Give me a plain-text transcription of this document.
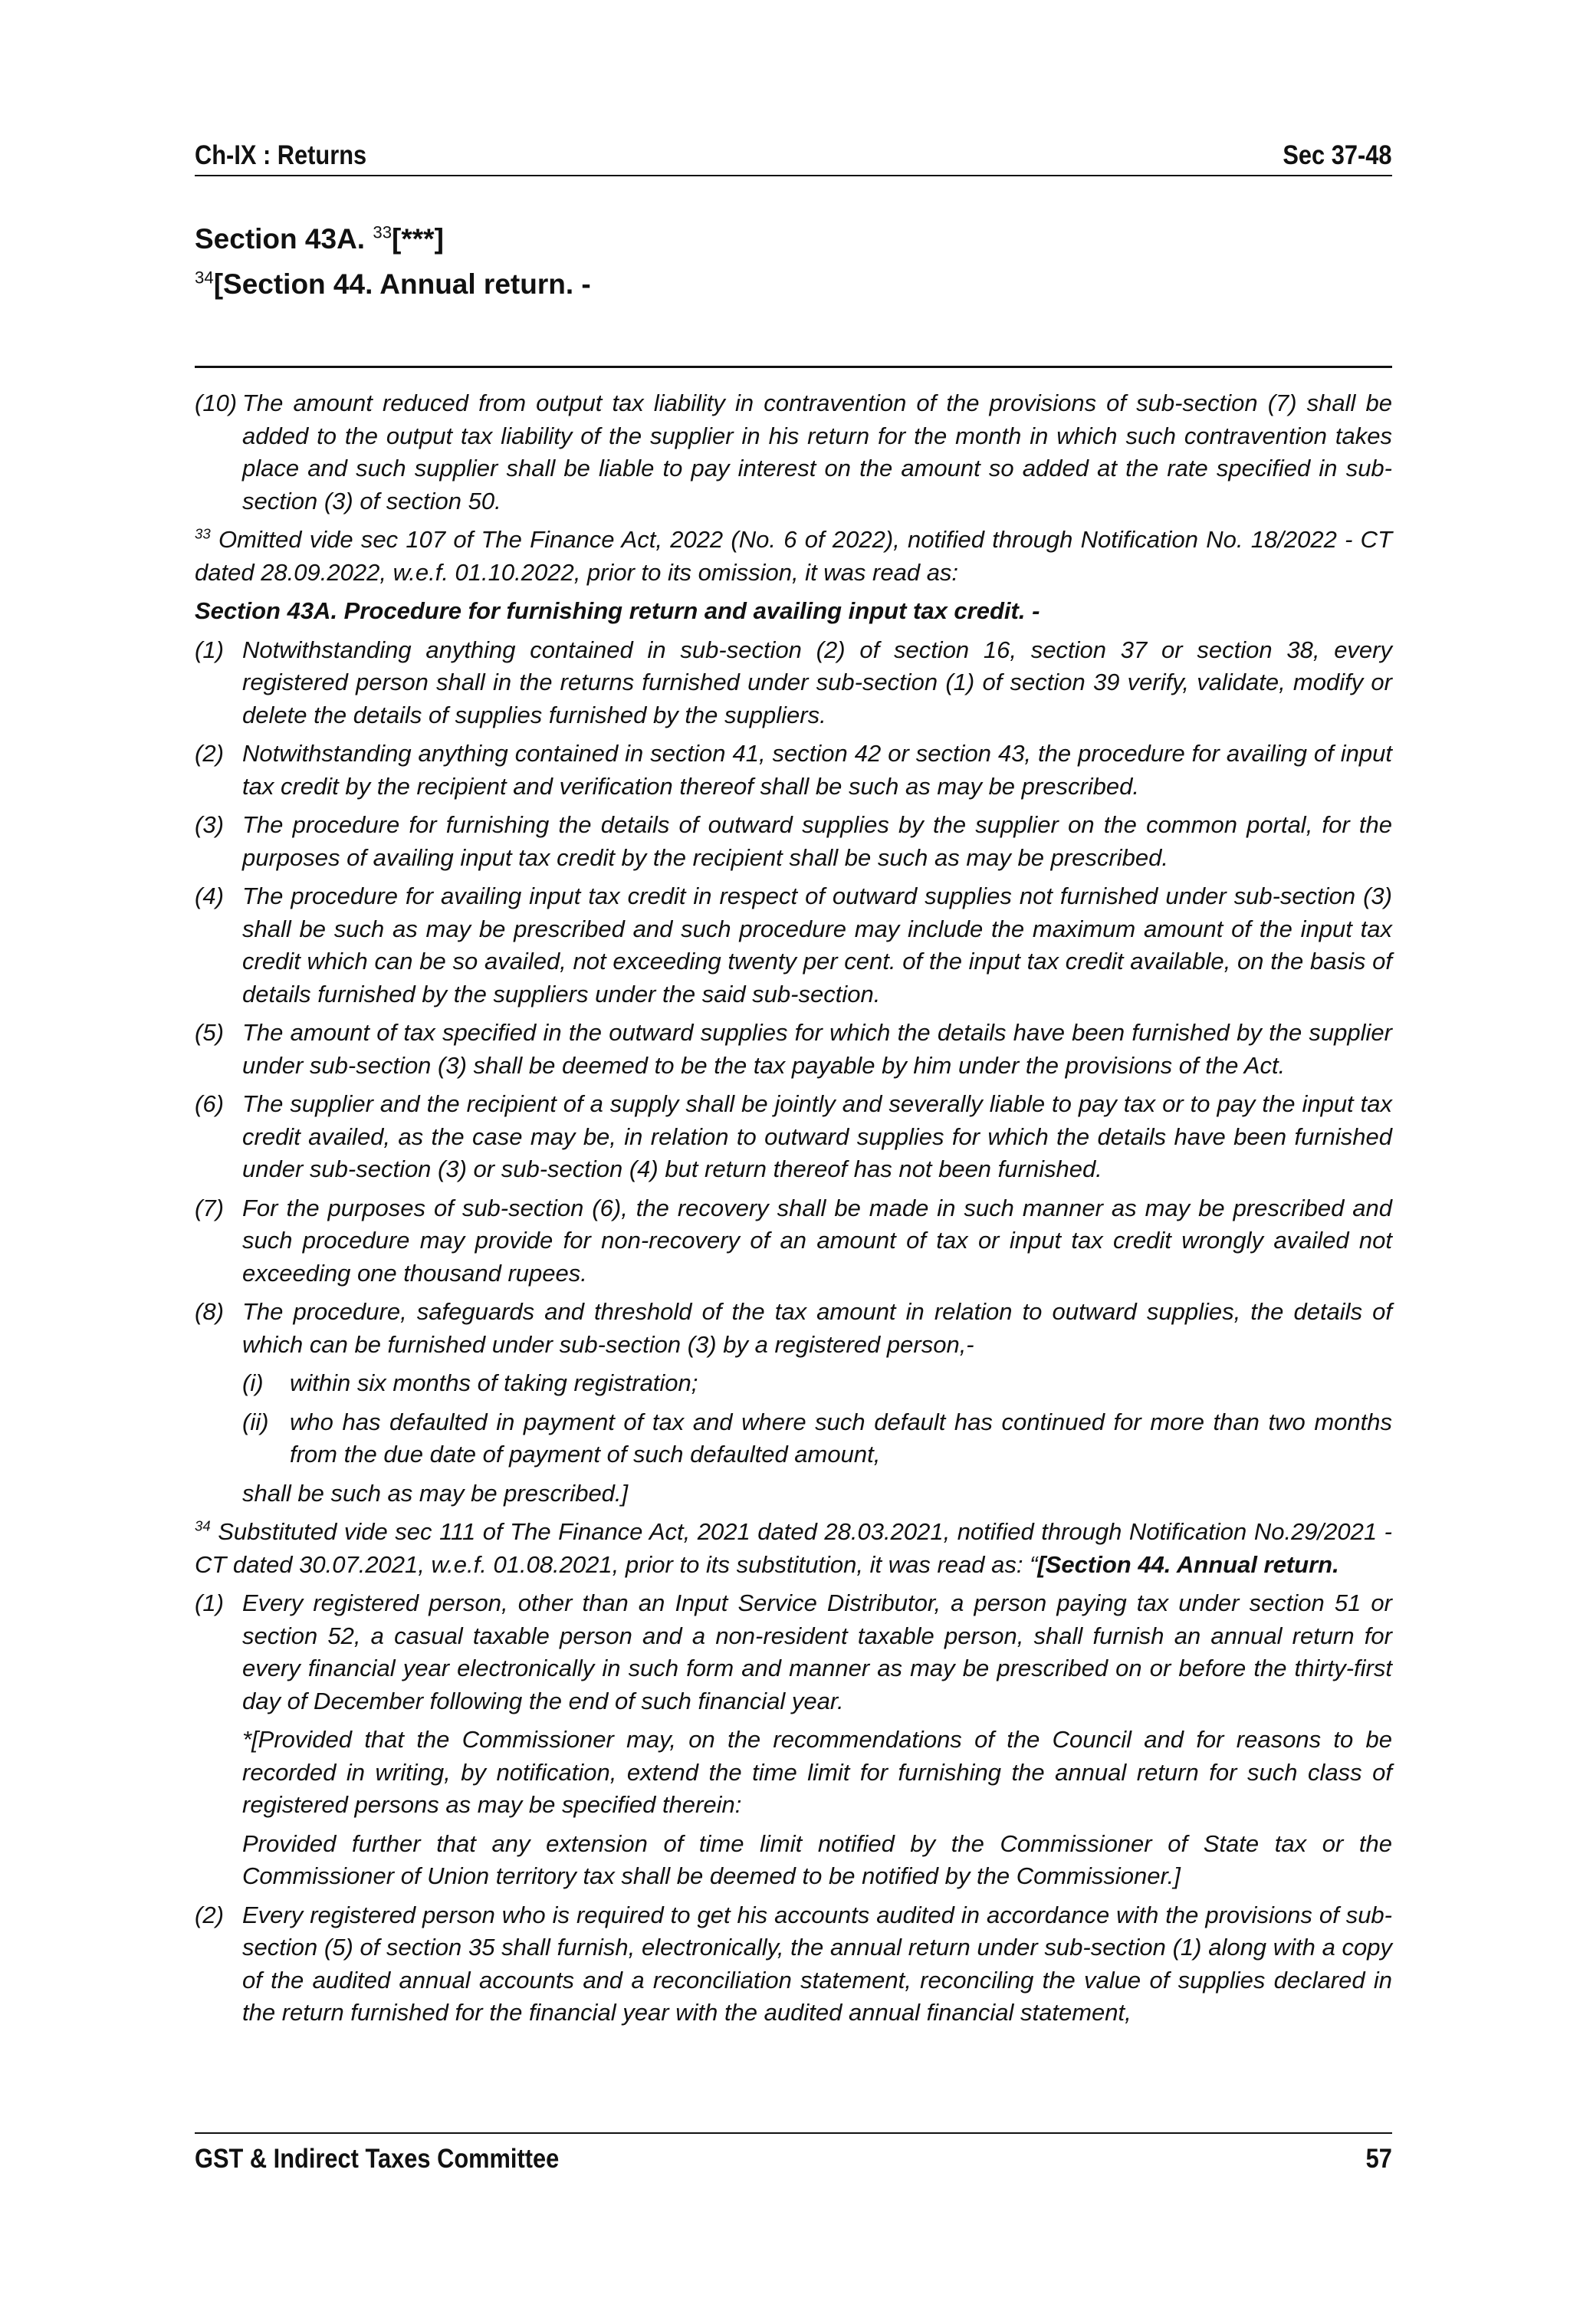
Ch-IX : Returns	Sec 37-48
Section 43A. $^{33}$[***]
$^{34}$[Section 44. Annual return. -
(10) The amount reduced from output tax liability in contravention of the provisions of sub-section (7) shall be added to the output tax liability of the supplier in his return for the month in which such contravention takes place and such supplier shall be liable to pay interest on the amount so added at the rate specified in sub-section (3) of section 50.

$^{33}$ Omitted vide sec 107 of The Finance Act, 2022 (No. 6 of 2022), notified through Notification No. 18/2022 - CT dated 28.09.2022, w.e.f. 01.10.2022, prior to its omission, it was read as:

Section 43A. Procedure for furnishing return and availing input tax credit. -

(1) Notwithstanding anything contained in sub-section (2) of section 16, section 37 or section 38, every registered person shall in the returns furnished under sub-section (1) of section 39 verify, validate, modify or delete the details of supplies furnished by the suppliers.
(2) Notwithstanding anything contained in section 41, section 42 or section 43, the procedure for availing of input tax credit by the recipient and verification thereof shall be such as may be prescribed.
(3) The procedure for furnishing the details of outward supplies by the supplier on the common portal, for the purposes of availing input tax credit by the recipient shall be such as may be prescribed.
(4) The procedure for availing input tax credit in respect of outward supplies not furnished under sub-section (3) shall be such as may be prescribed and such procedure may include the maximum amount of the input tax credit which can be so availed, not exceeding twenty per cent. of the input tax credit available, on the basis of details furnished by the suppliers under the said sub-section.
(5) The amount of tax specified in the outward supplies for which the details have been furnished by the supplier under sub-section (3) shall be deemed to be the tax payable by him under the provisions of the Act.
(6) The supplier and the recipient of a supply shall be jointly and severally liable to pay tax or to pay the input tax credit availed, as the case may be, in relation to outward supplies for which the details have been furnished under sub-section (3) or sub-section (4) but return thereof has not been furnished.
(7) For the purposes of sub-section (6), the recovery shall be made in such manner as may be prescribed and such procedure may provide for non-recovery of an amount of tax or input tax credit wrongly availed not exceeding one thousand rupees.
(8) The procedure, safeguards and threshold of the tax amount in relation to outward supplies, the details of which can be furnished under sub-section (3) by a registered person,-
(i)	within six months of taking registration;
(ii) who has defaulted in payment of tax and where such default has continued for more than two months from the due date of payment of such defaulted amount,
shall be such as may be prescribed.]

$^{34}$ Substituted vide sec 111 of The Finance Act, 2021 dated 28.03.2021, notified through Notification No.29/2021 - CT dated 30.07.2021, w.e.f. 01.08.2021, prior to its substitution, it was read as: “[Section 44. Annual return.

(1) Every registered person, other than an Input Service Distributor, a person paying tax under section 51 or section 52, a casual taxable person and a non-resident taxable person, shall furnish an annual return for every financial year electronically in such form and manner as may be prescribed on or before the thirty-first day of December following the end of such financial year.
*[Provided that the Commissioner may, on the recommendations of the Council and for reasons to be recorded in writing, by notification, extend the time limit for furnishing the annual return for such class of registered persons as may be specified therein:
Provided further that any extension of time limit notified by the Commissioner of State tax or the Commissioner of Union territory tax shall be deemed to be notified by the Commissioner.]
(2) Every registered person who is required to get his accounts audited in accordance with the provisions of sub-section (5) of section 35 shall furnish, electronically, the annual return under sub-section (1) along with a copy of the audited annual accounts and a reconciliation statement, reconciling the value of supplies declared in the return furnished for the financial year with the audited annual financial statement,
GST & Indirect Taxes Committee	57
